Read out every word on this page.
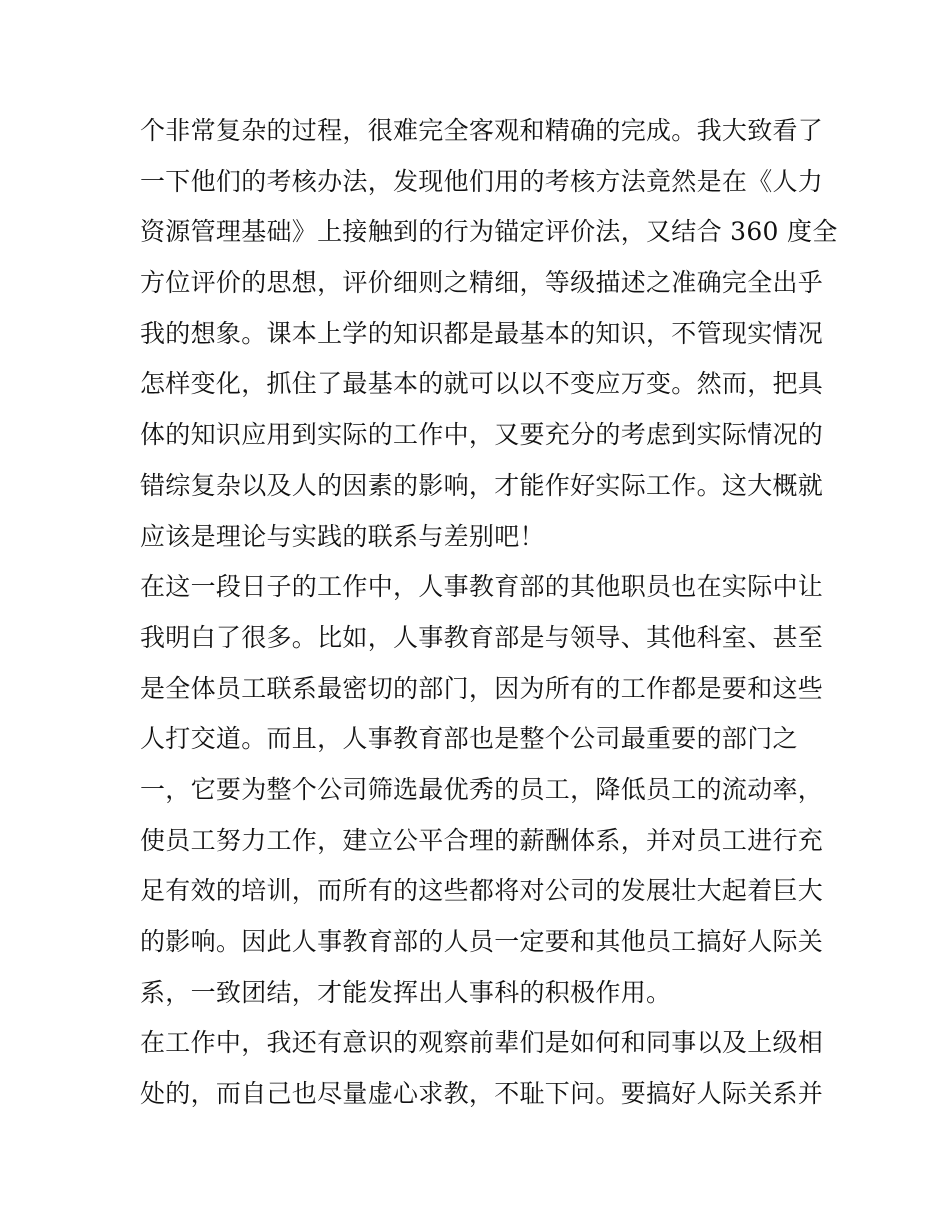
个非常复杂的过程，很难完全客观和精确的完成。我大致看了
一下他们的考核办法，发现他们用的考核方法竟然是在《人力
资源管理基础》上接触到的行为锚定评价法，又结合 360 度全
方位评价的思想，评价细则之精细，等级描述之准确完全出乎
我的想象。课本上学的知识都是最基本的知识，不管现实情况
怎样变化，抓住了最基本的就可以以不变应万变。然而，把具
体的知识应用到实际的工作中，又要充分的考虑到实际情况的
错综复杂以及人的因素的影响，才能作好实际工作。这大概就
应该是理论与实践的联系与差别吧！
在这一段日子的工作中，人事教育部的其他职员也在实际中让
我明白了很多。比如，人事教育部是与领导、其他科室、甚至
是全体员工联系最密切的部门，因为所有的工作都是要和这些
人打交道。而且，人事教育部也是整个公司最重要的部门之
一，它要为整个公司筛选最优秀的员工，降低员工的流动率，
使员工努力工作，建立公平合理的薪酬体系，并对员工进行充
足有效的培训，而所有的这些都将对公司的发展壮大起着巨大
的影响。因此人事教育部的人员一定要和其他员工搞好人际关
系，一致团结，才能发挥出人事科的积极作用。
在工作中，我还有意识的观察前辈们是如何和同事以及上级相
处的，而自己也尽量虚心求教，不耻下问。要搞好人际关系并
